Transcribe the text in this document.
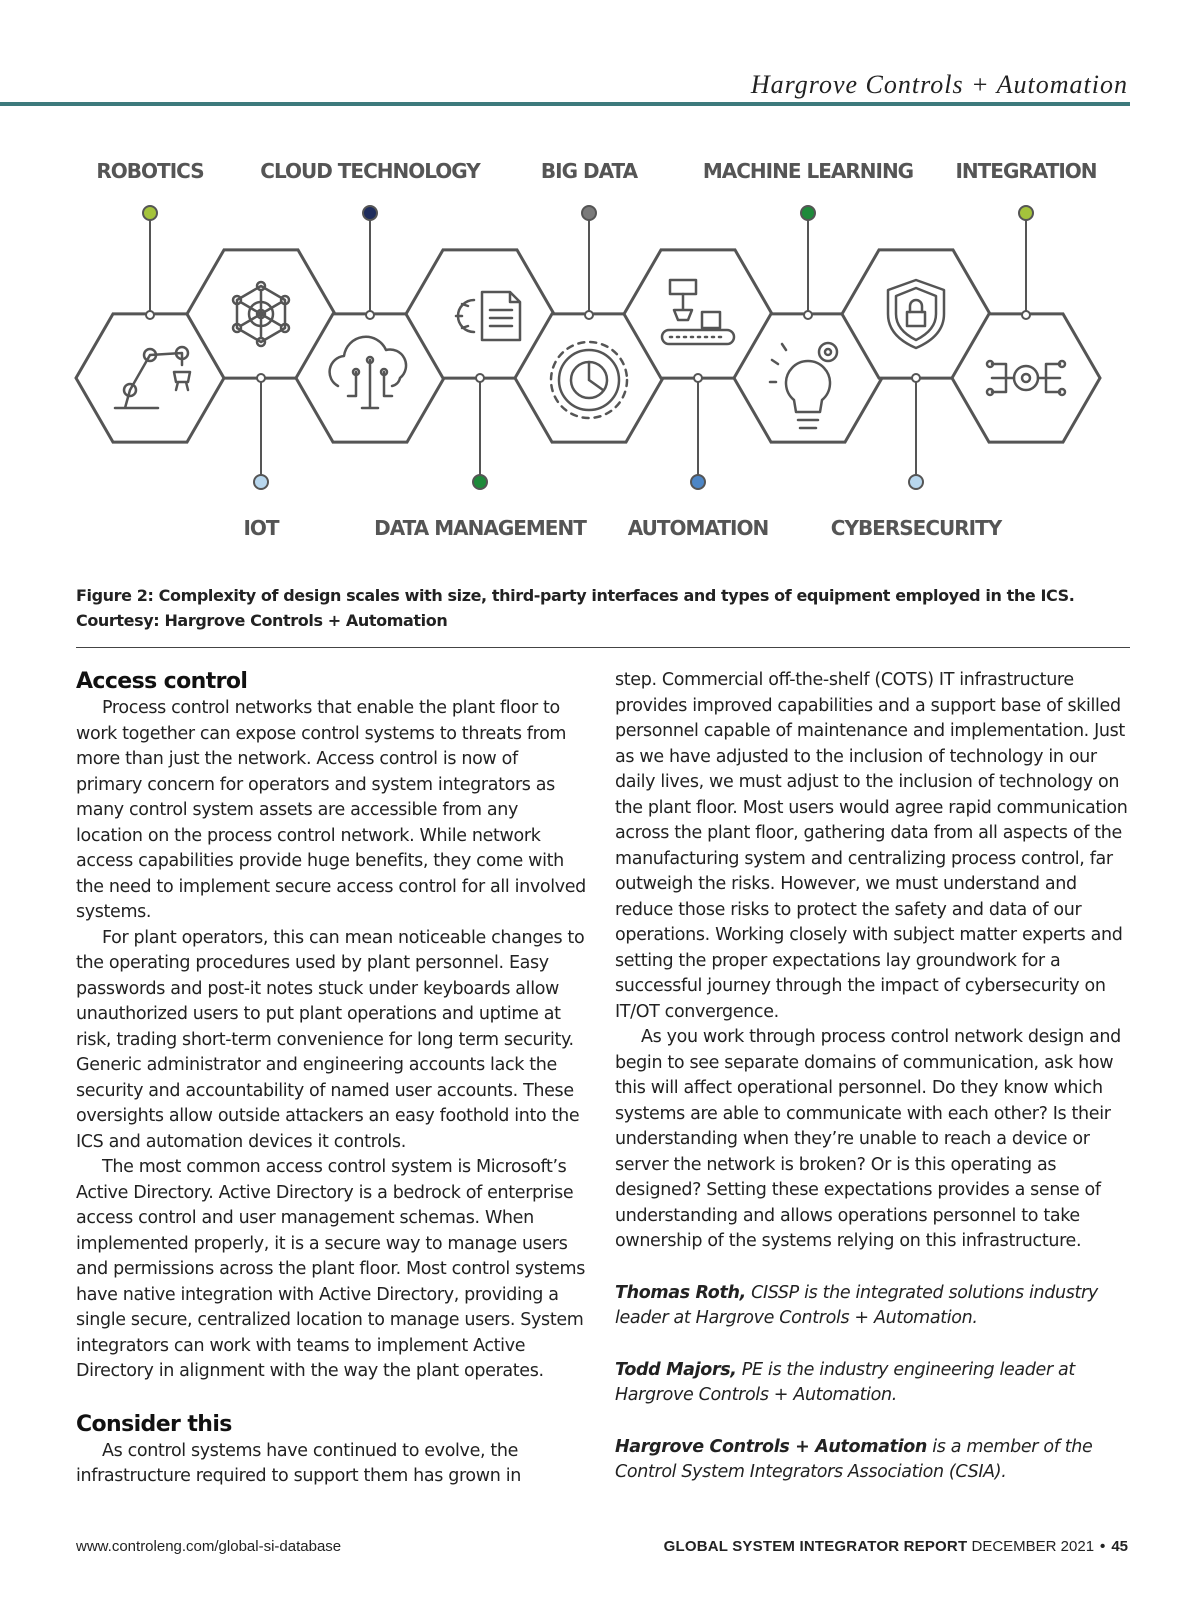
Hargrove Controls + Automation
ROBOTICS	CLOUD TECHNOLOGY	BIG DATA	MACHINE LEARNING INTEGRATION
IOT	DATA MANAGEMENT AUTOMATION	CYBERSECURITY
Figure 2: Complexity of design scales with size, third-party interfaces and types of equipment employed in the ICS.
Courtesy: Hargrove Controls + Automation
Access control

Process control networks that enable the plant floor to work together can expose control systems to threats from more than just the network. Access control is now of primary concern for operators and system integrators as many control system assets are accessible from any location on the process control network. While network access capabilities provide huge benefits, they come with the need to implement secure access control for all involved systems.

For plant operators, this can mean noticeable changes to the operating procedures used by plant personnel. Easy passwords and post-it notes stuck under keyboards allow unauthorized users to put plant operations and uptime at risk, trading short-term convenience for long term security. Generic administrator and engineering accounts lack the security and accountability of named user accounts. These oversights allow outside attackers an easy foothold into the ICS and automation devices it controls.

The most common access control system is Microsoft’s Active Directory. Active Directory is a bedrock of enterprise access control and user management schemas. When implemented properly, it is a secure way to manage users and permissions across the plant floor. Most control systems have native integration with Active Directory, providing a single secure, centralized location to manage users. System integrators can work with teams to implement Active Directory in alignment with the way the plant operates.

Consider this

As control systems have continued to evolve, the infrastructure required to support them has grown in

step. Commercial off-the-shelf (COTS) IT infrastructure provides improved capabilities and a support base of skilled personnel capable of maintenance and implementation. Just as we have adjusted to the inclusion of technology in our daily lives, we must adjust to the inclusion of technology on the plant floor. Most users would agree rapid communication across the plant floor, gathering data from all aspects of the manufacturing system and centralizing process control, far outweigh the risks. However, we must understand and reduce those risks to protect the safety and data of our operations. Working closely with subject matter experts and setting the proper expectations lay groundwork for a successful journey through the impact of cybersecurity on IT/OT convergence.

As you work through process control network design and begin to see separate domains of communication, ask how this will affect operational personnel. Do they know which systems are able to communicate with each other? Is their understanding when they’re unable to reach a device or server the network is broken? Or is this operating as designed? Setting these expectations provides a sense of understanding and allows operations personnel to take ownership of the systems relying on this infrastructure.

Thomas Roth, CISSP is the integrated solutions industry leader at Hargrove Controls + Automation.

Todd Majors, PE is the industry engineering leader at Hargrove Controls + Automation.

Hargrove Controls + Automation is a member of the Control System Integrators Association (CSIA).

www.controleng.com/global-si-database	GLOBAL SYSTEM INTEGRATOR REPORT DECEMBER 2021 • 45
